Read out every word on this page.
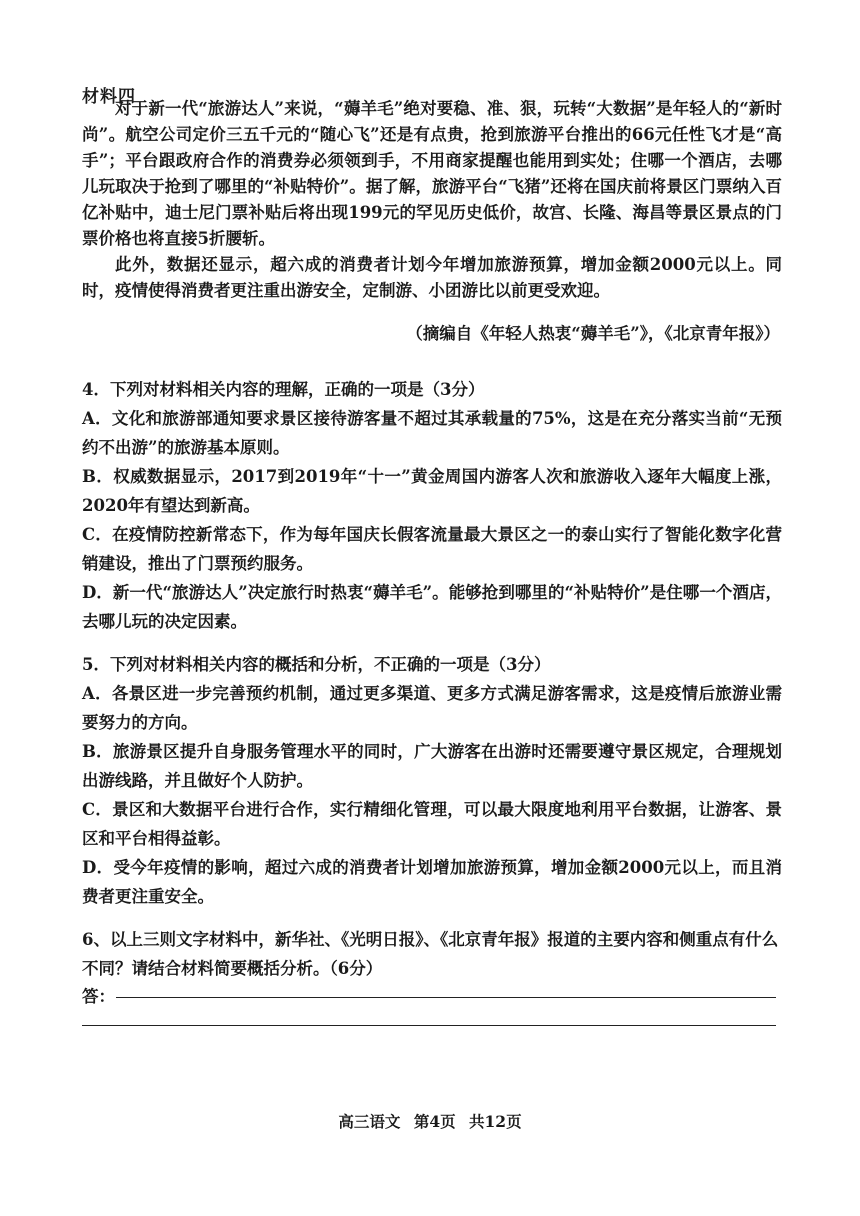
材料四

对于新一代“旅游达人”来说，“薅羊毛”绝对要稳、准、狠，玩转“大数据”是年轻人的“新时尚”。航空公司定价三五千元的“随心飞”还是有点贵，抢到旅游平台推出的66元任性飞才是“高手”；平台跟政府合作的消费券必须领到手，不用商家提醒也能用到实处；住哪一个酒店，去哪儿玩取决于抢到了哪里的“补贴特价”。据了解，旅游平台“飞猪”还将在国庆前将景区门票纳入百亿补贴中，迪士尼门票补贴后将出现199元的罕见历史低价，故宫、长隆、海昌等景区景点的门票价格也将直接5折腰斩。

此外，数据还显示，超六成的消费者计划今年增加旅游预算，增加金额2000元以上。同时，疫情使得消费者更注重出游安全，定制游、小团游比以前更受欢迎。

（摘编自《年轻人热衷“薅羊毛”》，《北京青年报》）

4．下列对材料相关内容的理解，正确的一项是（3分）

A．文化和旅游部通知要求景区接待游客量不超过其承载量的75%，这是在充分落实当前“无预约不出游”的旅游基本原则。

B．权威数据显示，2017到2019年“十一”黄金周国内游客人次和旅游收入逐年大幅度上涨，2020年有望达到新高。

C．在疫情防控新常态下，作为每年国庆长假客流量最大景区之一的泰山实行了智能化数字化营销建设，推出了门票预约服务。

D．新一代“旅游达人”决定旅行时热衷“薅羊毛”。能够抢到哪里的“补贴特价”是住哪一个酒店，去哪儿玩的决定因素。

5．下列对材料相关内容的概括和分析，不正确的一项是（3分）

A．各景区进一步完善预约机制，通过更多渠道、更多方式满足游客需求，这是疫情后旅游业需要努力的方向。

B．旅游景区提升自身服务管理水平的同时，广大游客在出游时还需要遵守景区规定，合理规划出游线路，并且做好个人防护。

C．景区和大数据平台进行合作，实行精细化管理，可以最大限度地利用平台数据，让游客、景区和平台相得益彰。

D．受今年疫情的影响，超过六成的消费者计划增加旅游预算，增加金额2000元以上，而且消费者更注重安全。

6、以上三则文字材料中，新华社、《光明日报》、《北京青年报》报道的主要内容和侧重点有什么不同？请结合材料简要概括分析。（6分）

答：
高三语文 第4页 共12页
